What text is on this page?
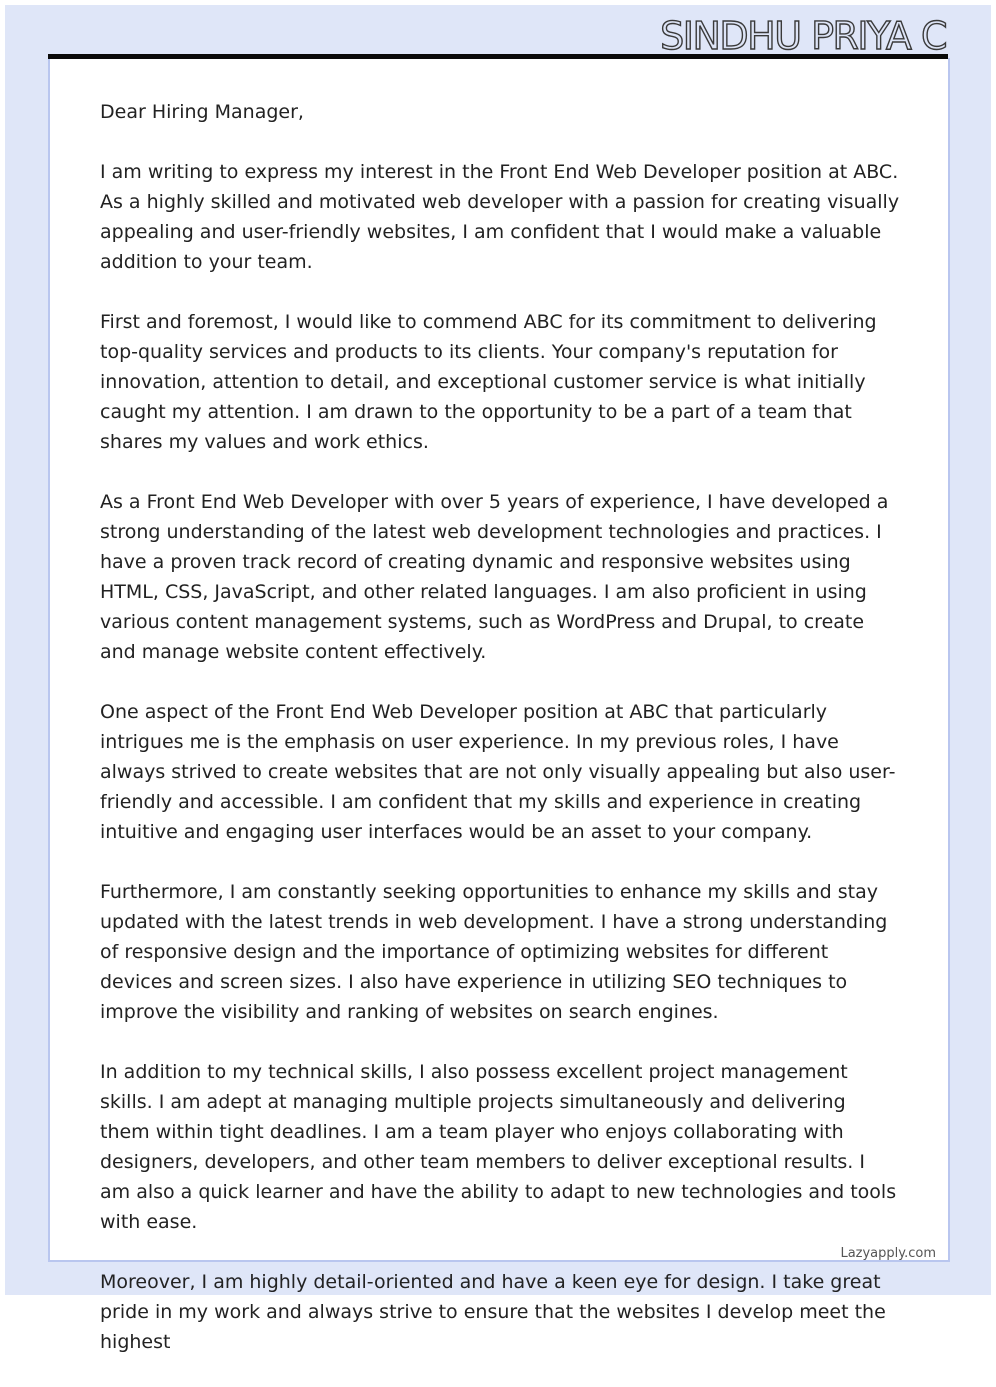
SINDHU PRIYA C

Dear Hiring Manager,

I am writing to express my interest in the Front End Web Developer position at ABC. As a highly skilled and motivated web developer with a passion for creating visually appealing and user-friendly websites, I am confident that I would make a valuable addition to your team.

First and foremost, I would like to commend ABC for its commitment to delivering top-quality services and products to its clients. Your company's reputation for innovation, attention to detail, and exceptional customer service is what initially caught my attention. I am drawn to the opportunity to be a part of a team that shares my values and work ethics.

As a Front End Web Developer with over 5 years of experience, I have developed a strong understanding of the latest web development technologies and practices. I have a proven track record of creating dynamic and responsive websites using HTML, CSS, JavaScript, and other related languages. I am also proficient in using various content management systems, such as WordPress and Drupal, to create and manage website content effectively.

One aspect of the Front End Web Developer position at ABC that particularly intrigues me is the emphasis on user experience. In my previous roles, I have always strived to create websites that are not only visually appealing but also user-friendly and accessible. I am confident that my skills and experience in creating intuitive and engaging user interfaces would be an asset to your company.

Furthermore, I am constantly seeking opportunities to enhance my skills and stay updated with the latest trends in web development. I have a strong understanding of responsive design and the importance of optimizing websites for different devices and screen sizes. I also have experience in utilizing SEO techniques to improve the visibility and ranking of websites on search engines.

In addition to my technical skills, I also possess excellent project management skills. I am adept at managing multiple projects simultaneously and delivering them within tight deadlines. I am a team player who enjoys collaborating with designers, developers, and other team members to deliver exceptional results. I am also a quick learner and have the ability to adapt to new technologies and tools with ease.

Moreover, I am highly detail-oriented and have a keen eye for design. I take great pride in my work and always strive to ensure that the websites I develop meet the highest

Lazyapply.com
